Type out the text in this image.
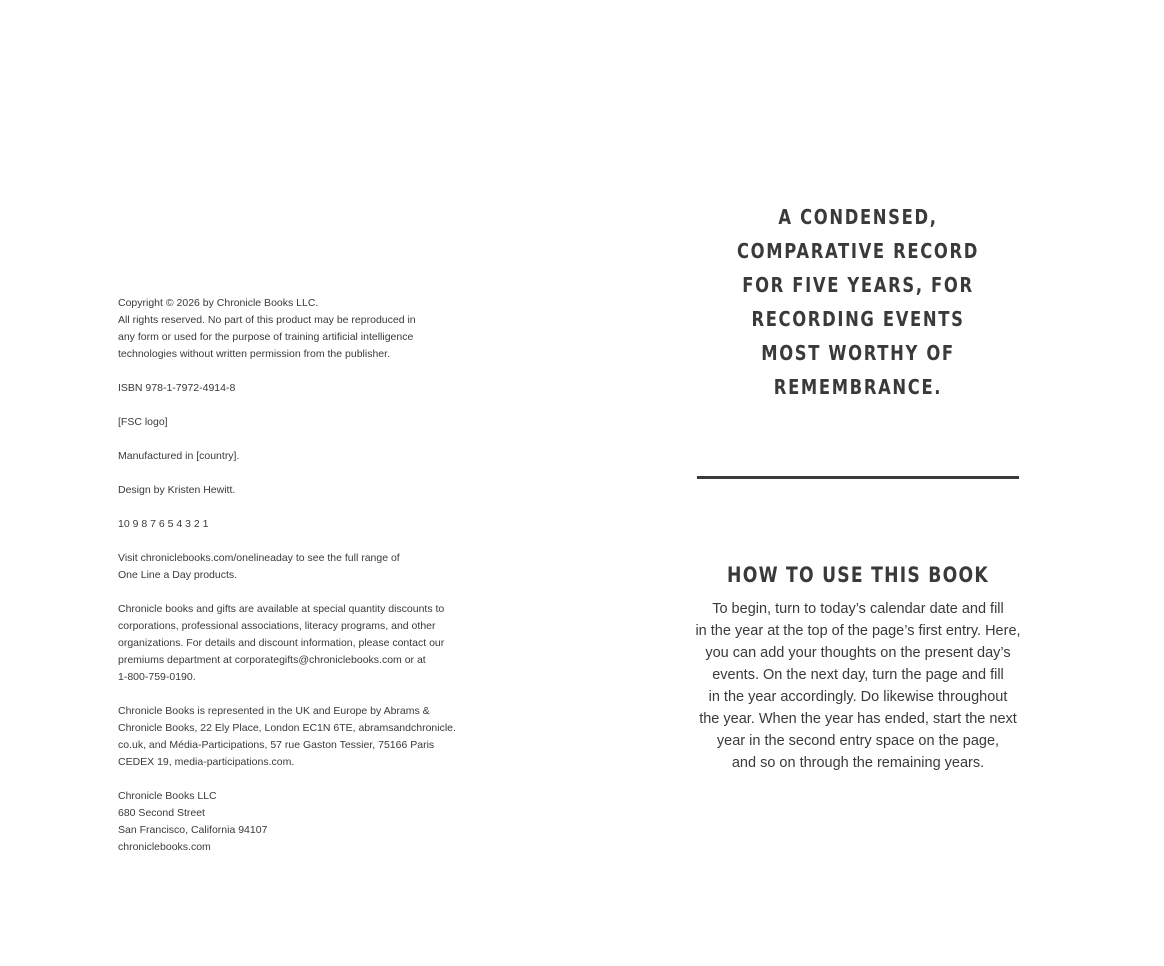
Copyright © 2026 by Chronicle Books LLC.
All rights reserved. No part of this product may be reproduced in
any form or used for the purpose of training artificial intelligence
technologies without written permission from the publisher.

ISBN 978-1-7972-4914-8

[FSC logo]

Manufactured in [country].

Design by Kristen Hewitt.

10 9 8 7 6 5 4 3 2 1

Visit chroniclebooks.com/onelineaday to see the full range of
One Line a Day products.

Chronicle books and gifts are available at special quantity discounts to
corporations, professional associations, literacy programs, and other
organizations. For details and discount information, please contact our
premiums department at corporategifts@chroniclebooks.com or at
1-800-759-0190.

Chronicle Books is represented in the UK and Europe by Abrams &
Chronicle Books, 22 Ely Place, London EC1N 6TE, abramsandchronicle.
co.uk, and Média-Participations, 57 rue Gaston Tessier, 75166 Paris
CEDEX 19, media-participations.com.

Chronicle Books LLC
680 Second Street
San Francisco, California 94107
chroniclebooks.com

A CONDENSED,
COMPARATIVE RECORD
FOR FIVE YEARS, FOR
RECORDING EVENTS
MOST WORTHY OF
REMEMBRANCE.
HOW TO USE THIS BOOK
To begin, turn to today’s calendar date and fill
in the year at the top of the page’s first entry. Here,
you can add your thoughts on the present day’s
events. On the next day, turn the page and fill
in the year accordingly. Do likewise throughout
the year. When the year has ended, start the next
year in the second entry space on the page,
and so on through the remaining years.
